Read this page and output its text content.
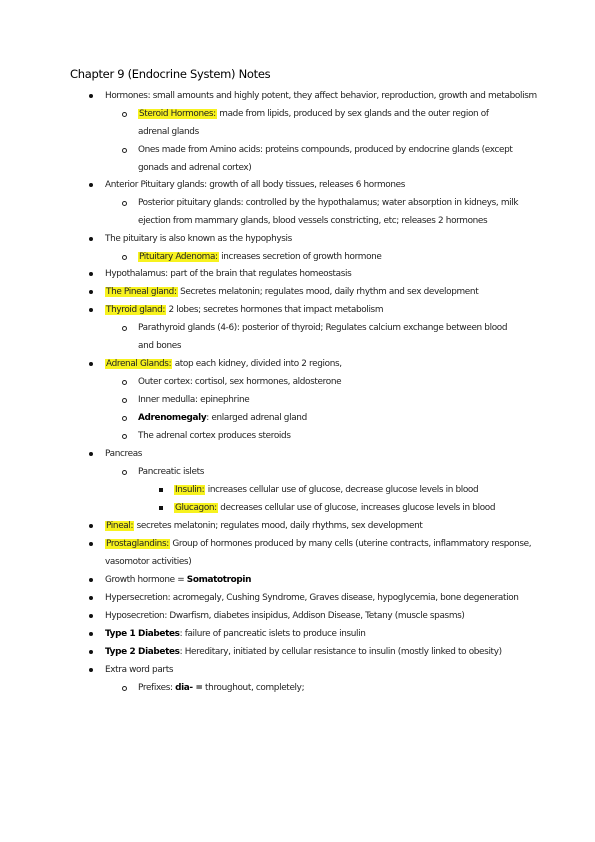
Chapter 9 (Endocrine System) Notes
Hormones: small amounts and highly potent, they affect behavior, reproduction, growth and metabolism
Steroid Hormones: made from lipids, produced by sex glands and the outer region of
adrenal glands
Ones made from Amino acids: proteins compounds, produced by endocrine glands (except
gonads and adrenal cortex)
Anterior Pituitary glands: growth of all body tissues, releases 6 hormones
Posterior pituitary glands: controlled by the hypothalamus; water absorption in kidneys, milk
ejection from mammary glands, blood vessels constricting, etc; releases 2 hormones
The pituitary is also known as the hypophysis
Pituitary Adenoma: increases secretion of growth hormone
Hypothalamus: part of the brain that regulates homeostasis
The Pineal gland: Secretes melatonin; regulates mood, daily rhythm and sex development
Thyroid gland: 2 lobes; secretes hormones that impact metabolism
Parathyroid glands (4-6): posterior of thyroid; Regulates calcium exchange between blood
and bones
Adrenal Glands: atop each kidney, divided into 2 regions,
Outer cortex: cortisol, sex hormones, aldosterone
Inner medulla: epinephrine
Adrenomegaly: enlarged adrenal gland
The adrenal cortex produces steroids
Pancreas
Pancreatic islets
Insulin: increases cellular use of glucose, decrease glucose levels in blood
Glucagon: decreases cellular use of glucose, increases glucose levels in blood
Pineal: secretes melatonin; regulates mood, daily rhythms, sex development
Prostaglandins: Group of hormones produced by many cells (uterine contracts, inflammatory response,
vasomotor activities)
Growth hormone = Somatotropin
Hypersecretion: acromegaly, Cushing Syndrome, Graves disease, hypoglycemia, bone degeneration
Hyposecretion: Dwarfism, diabetes insipidus, Addison Disease, Tetany (muscle spasms)
Type 1 Diabetes: failure of pancreatic islets to produce insulin
Type 2 Diabetes: Hereditary, initiated by cellular resistance to insulin (mostly linked to obesity)
Extra word parts
Prefixes: dia- = throughout, completely;
